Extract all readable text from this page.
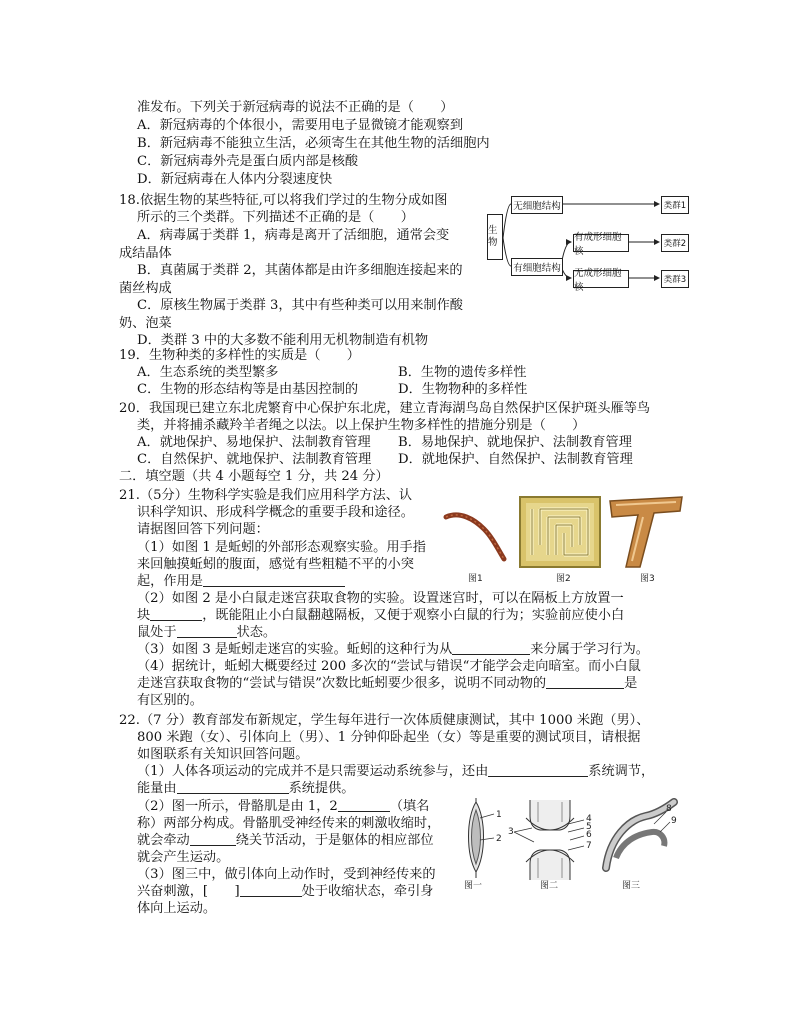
准发布。下列关于新冠病毒的说法不正确的是（　　）
A．新冠病毒的个体很小，需要用电子显微镜才能观察到
B．新冠病毒不能独立生活，必须寄生在其他生物的活细胞内
C．新冠病毒外壳是蛋白质内部是核酸
D．新冠病毒在人体内分裂速度快
18.依据生物的某些特征,可以将我们学过的生物分成如图
所示的三个类群。下列描述不正确的是（　　）
A．病毒属于类群 1，病毒是离开了活细胞，通常会变
成结晶体
B．真菌属于类群 2，其菌体都是由许多细胞连接起来的
菌丝构成
C．原核生物属于类群 3，其中有些种类可以用来制作酸
奶、泡菜
D．类群 3 中的大多数不能利用无机物制造有机物
生物
无细胞结构
有细胞结构
有成形细胞核
无成形细胞核
类群1
类群2
类群3
19．生物种类的多样性的实质是（　　）
A．生态系统的类型繁多	B．生物的遗传多样性
C．生物的形态结构等是由基因控制的	D．生物物种的多样性
20．我国现已建立东北虎繁育中心保护东北虎，建立青海湖鸟岛自然保护区保护斑头雁等鸟
类，并将捕杀藏羚羊者绳之以法。以上保护生物多样性的措施分别是（　　）
A．就地保护、易地保护、法制教育管理 B．易地保护、就地保护、法制教育管理
C．自然保护、就地保护、法制教育管理 D．就地保护、自然保护、法制教育管理
二．填空题（共 4 小题每空 1 分，共 24 分）
21.（5分）生物科学实验是我们应用科学方法、认
识科学知识、形成科学概念的重要手段和途径。
请据图回答下列问题：
（1）如图 1 是蚯蚓的外部形态观察实验。用手指
来回触摸蚯蚓的腹面，感觉有些粗糙不平的小突
起，作用是
（2）如图 2 是小白鼠走迷宫获取食物的实验。设置迷宫时，可以在隔板上方放置一
块	，既能阻止小白鼠翻越隔板，又便于观察小白鼠的行为；实验前应使小白
鼠处于	状态。
（3）如图 3 是蚯蚓走迷宫的实验。蚯蚓的这种行为从	来分属于学习行为。
（4）据统计，蚯蚓大概要经过 200 多次的“尝试与错误“才能学会走向暗室。而小白鼠
走迷宫获取食物的“尝试与错误”次数比蚯蚓要少很多，说明不同动物的	是
有区别的。
图1	图2	图3
22.（7 分）教育部发布新规定，学生每年进行一次体质健康测试，其中 1000 米跑（男）、
800 米跑（女）、引体向上（男）、1 分钟仰卧起坐（女）等是重要的测试项目，请根据
如图联系有关知识回答问题。
（1）人体各项运动的完成并不是只需要运动系统参与，还由	系统调节，
能量由	系统提供。
（2）图一所示，骨骼肌是由 1，2	（填名
称）两部分构成。骨骼肌受神经传来的刺激收缩时，
就会牵动	绕关节活动，于是躯体的相应部位
就会产生运动。
（3）图三中，做引体向上动作时，受到神经传来的
兴奋刺激，[　　]	处于收缩状态，牵引身
体向上运动。
1
2
3
4
5
6
7
8
9
图一	图二	图三
